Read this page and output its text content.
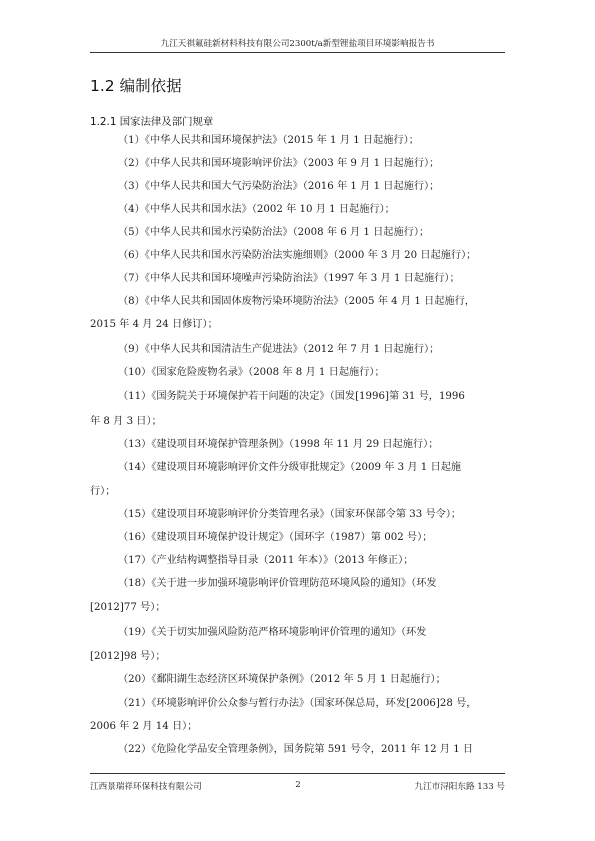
九江天祺氟硅新材料科技有限公司2300t/a新型锂盐项目环境影响报告书
1.2 编制依据
1.2.1 国家法律及部门规章
（1）《中华人民共和国环境保护法》（2015 年 1 月 1 日起施行）；
（2）《中华人民共和国环境影响评价法》（2003 年 9 月 1 日起施行）；
（3）《中华人民共和国大气污染防治法》（2016 年 1 月 1 日起施行）；
（4）《中华人民共和国水法》（2002 年 10 月 1 日起施行）；
（5）《中华人民共和国水污染防治法》（2008 年 6 月 1 日起施行）；
（6）《中华人民共和国水污染防治法实施细则》（2000 年 3 月 20 日起施行）；
（7）《中华人民共和国环境噪声污染防治法》（1997 年 3 月 1 日起施行）；
（8）《中华人民共和国固体废物污染环境防治法》（2005 年 4 月 1 日起施行，
2015 年 4 月 24 日修订）；
（9）《中华人民共和国清洁生产促进法》（2012 年 7 月 1 日起施行）；
（10）《国家危险废物名录》（2008 年 8 月 1 日起施行）；
（11）《国务院关于环境保护若干问题的决定》（国发[1996]第 31 号，1996
年 8 月 3 日）；
（13）《建设项目环境保护管理条例》（1998 年 11 月 29 日起施行）；
（14）《建设项目环境影响评价文件分级审批规定》（2009 年 3 月 1 日起施
行）；
（15）《建设项目环境影响评价分类管理名录》（国家环保部令第 33 号令）；
（16）《建设项目环境保护设计规定》（国环字（1987）第 002 号）；
（17）《产业结构调整指导目录（2011 年本）》（2013 年修正）；
（18）《关于进一步加强环境影响评价管理防范环境风险的通知》（环发
[2012]77 号）；
（19）《关于切实加强风险防范严格环境影响评价管理的通知》（环发
[2012]98 号）；
（20）《鄱阳湖生态经济区环境保护条例》（2012 年 5 月 1 日起施行）；
（21）《环境影响评价公众参与暂行办法》（国家环保总局，环发[2006]28 号，
2006 年 2 月 14 日）；
（22）《危险化学品安全管理条例》，国务院第 591 号令，2011 年 12 月 1 日
江西景瑞祥环保科技有限公司	2	九江市浔阳东路 133 号
